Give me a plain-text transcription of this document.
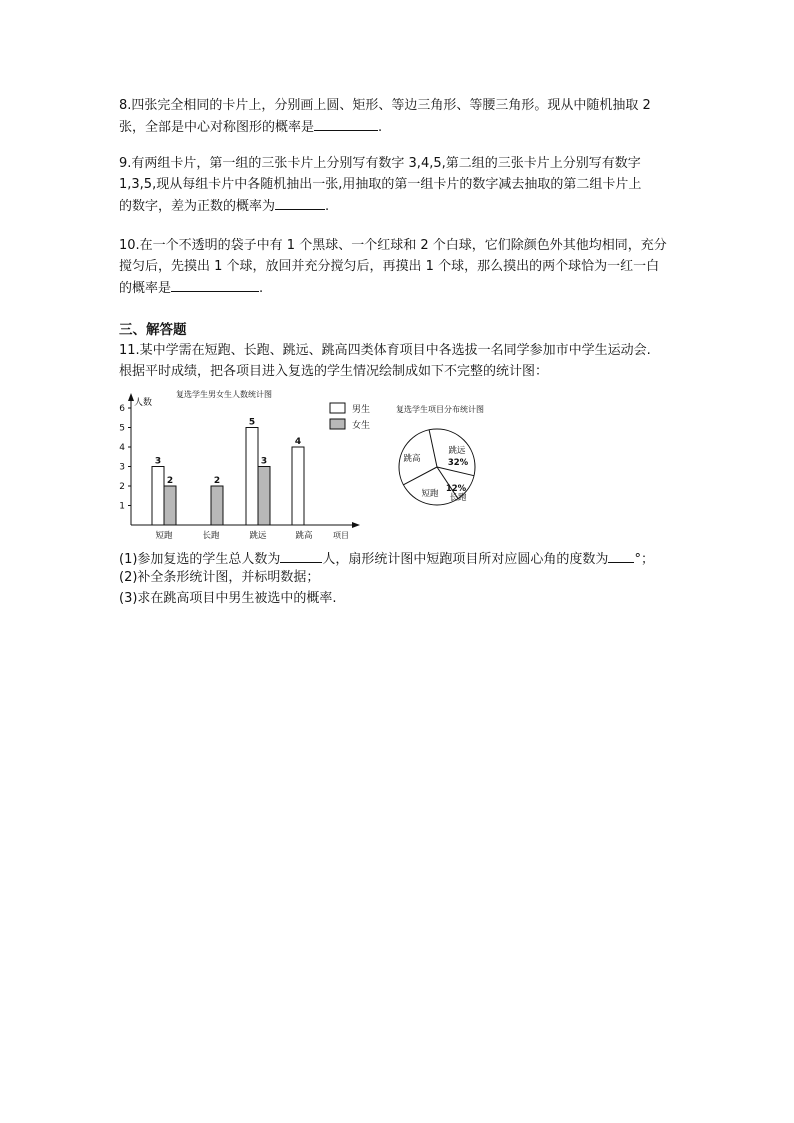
8.四张完全相同的卡片上，分别画上圆、矩形、等边三角形、等腰三角形。现从中随机抽取 2
张，全部是中心对称图形的概率是	.
9.有两组卡片，第一组的三张卡片上分别写有数字 3,4,5,第二组的三张卡片上分别写有数字
1,3,5,现从每组卡片中各随机抽出一张,用抽取的第一组卡片的数字减去抽取的第二组卡片上
的数字，差为正数的概率为	.
10.在一个不透明的袋子中有 1 个黑球、一个红球和 2 个白球，它们除颜色外其他均相同，充分
搅匀后，先摸出 1 个球，放回并充分搅匀后，再摸出 1 个球，那么摸出的两个球恰为一红一白
的概率是	.
三、解答题
11.某中学需在短跑、长跑、跳远、跳高四类体育项目中各选拔一名同学参加市中学生运动会.
根据平时成绩，把各项目进入复选的学生情况绘制成如下不完整的统计图：
1
2
3
4
5
6
人数
复选学生男女生人数统计图
项目
男生
女生
短跑	长跑	跳远	跳高
3
2	2
5
3
4
复选学生项目分布统计图
跳远
32%
12%
长跑
短跑
跳高
(1)参加复选的学生总人数为	人，扇形统计图中短跑项目所对应圆心角的度数为 °；
(2)补全条形统计图，并标明数据；
(3)求在跳高项目中男生被选中的概率.
